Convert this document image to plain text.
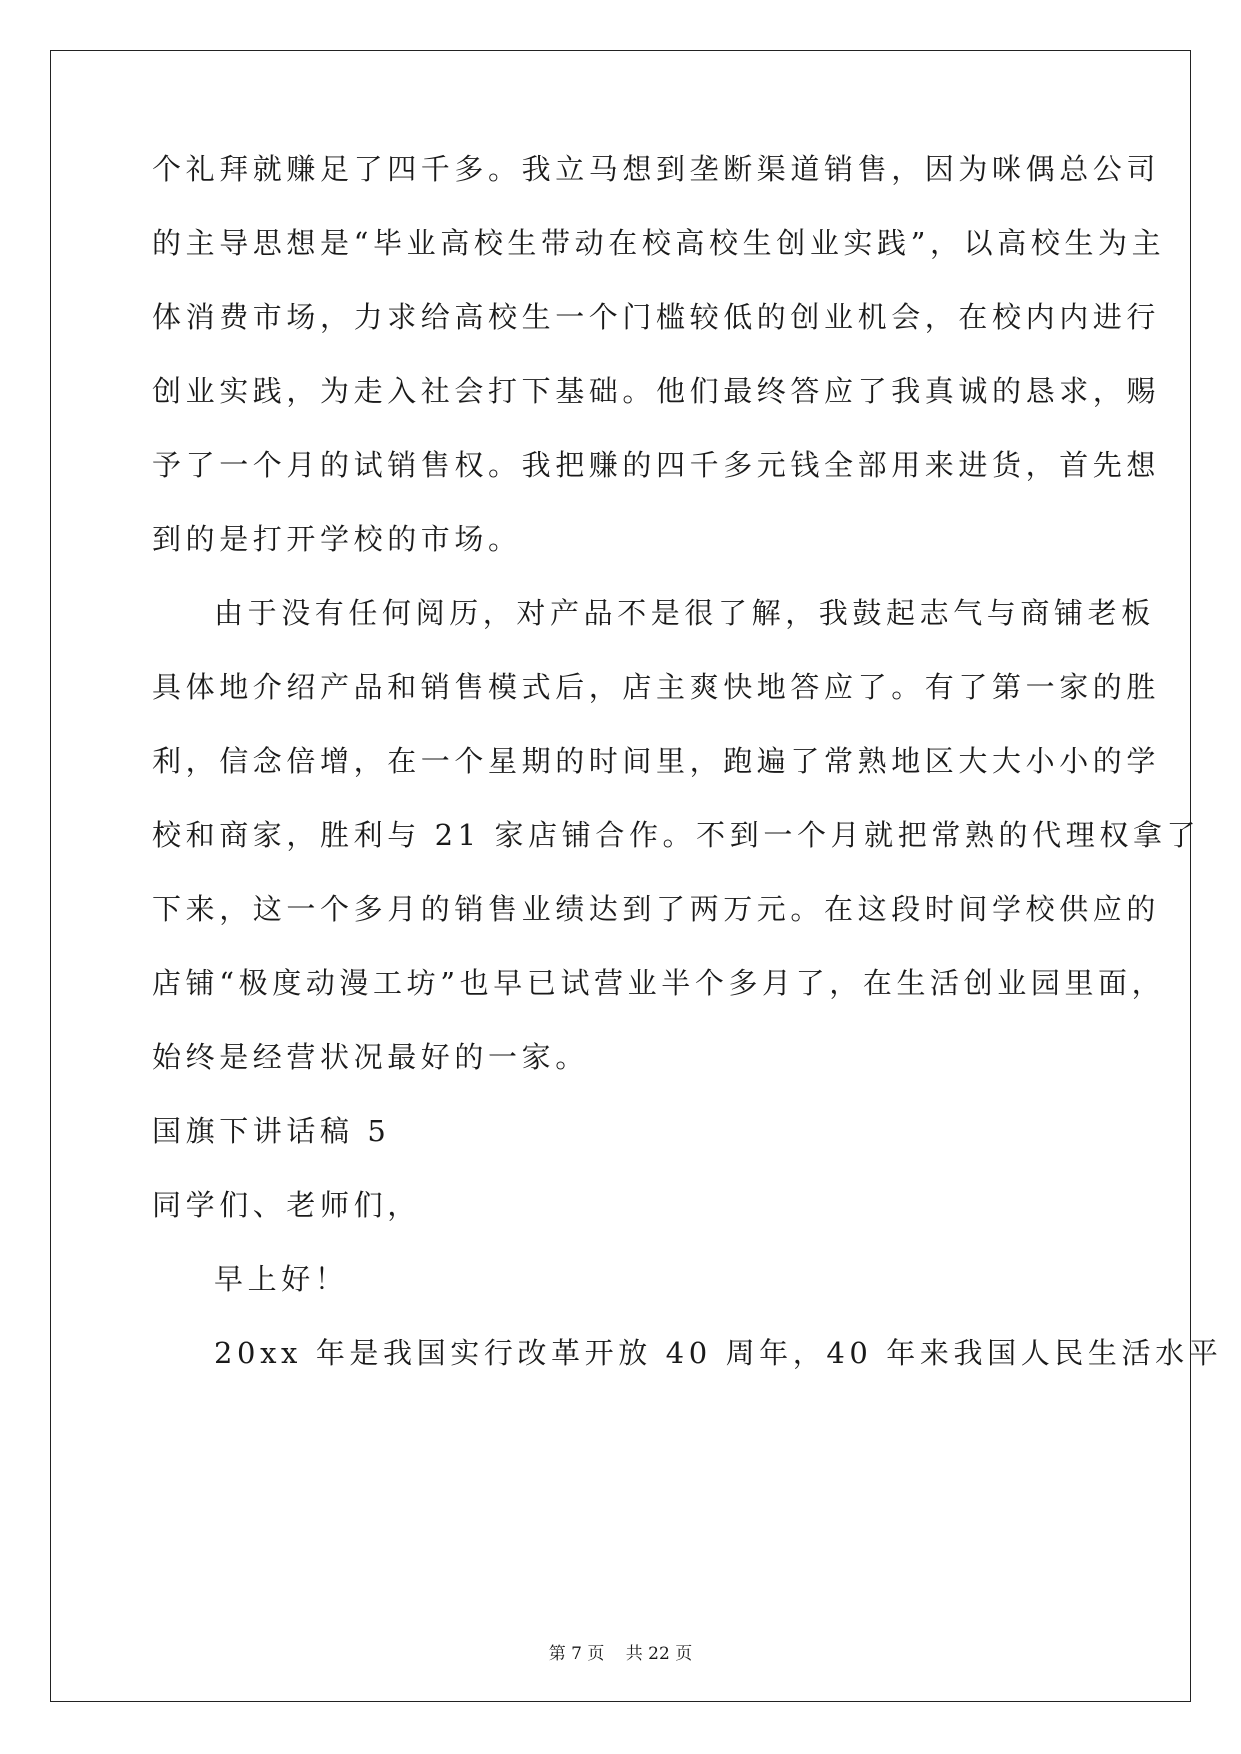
个礼拜就赚足了四千多。我立马想到垄断渠道销售，因为咪偶总公司
的主导思想是“毕业高校生带动在校高校生创业实践”，以高校生为主
体消费市场，力求给高校生一个门槛较低的创业机会，在校内内进行
创业实践，为走入社会打下基础。他们最终答应了我真诚的恳求，赐
予了一个月的试销售权。我把赚的四千多元钱全部用来进货，首先想
到的是打开学校的市场。
由于没有任何阅历，对产品不是很了解，我鼓起志气与商铺老板
具体地介绍产品和销售模式后，店主爽快地答应了。有了第一家的胜
利，信念倍增，在一个星期的时间里，跑遍了常熟地区大大小小的学
校和商家，胜利与 21 家店铺合作。不到一个月就把常熟的代理权拿了
下来，这一个多月的销售业绩达到了两万元。在这段时间学校供应的
店铺“极度动漫工坊”也早已试营业半个多月了，在生活创业园里面，
始终是经营状况最好的一家。
国旗下讲话稿 5
同学们、老师们，
早上好！
20xx 年是我国实行改革开放 40 周年，40 年来我国人民生活水平
第 7 页 共 22 页
